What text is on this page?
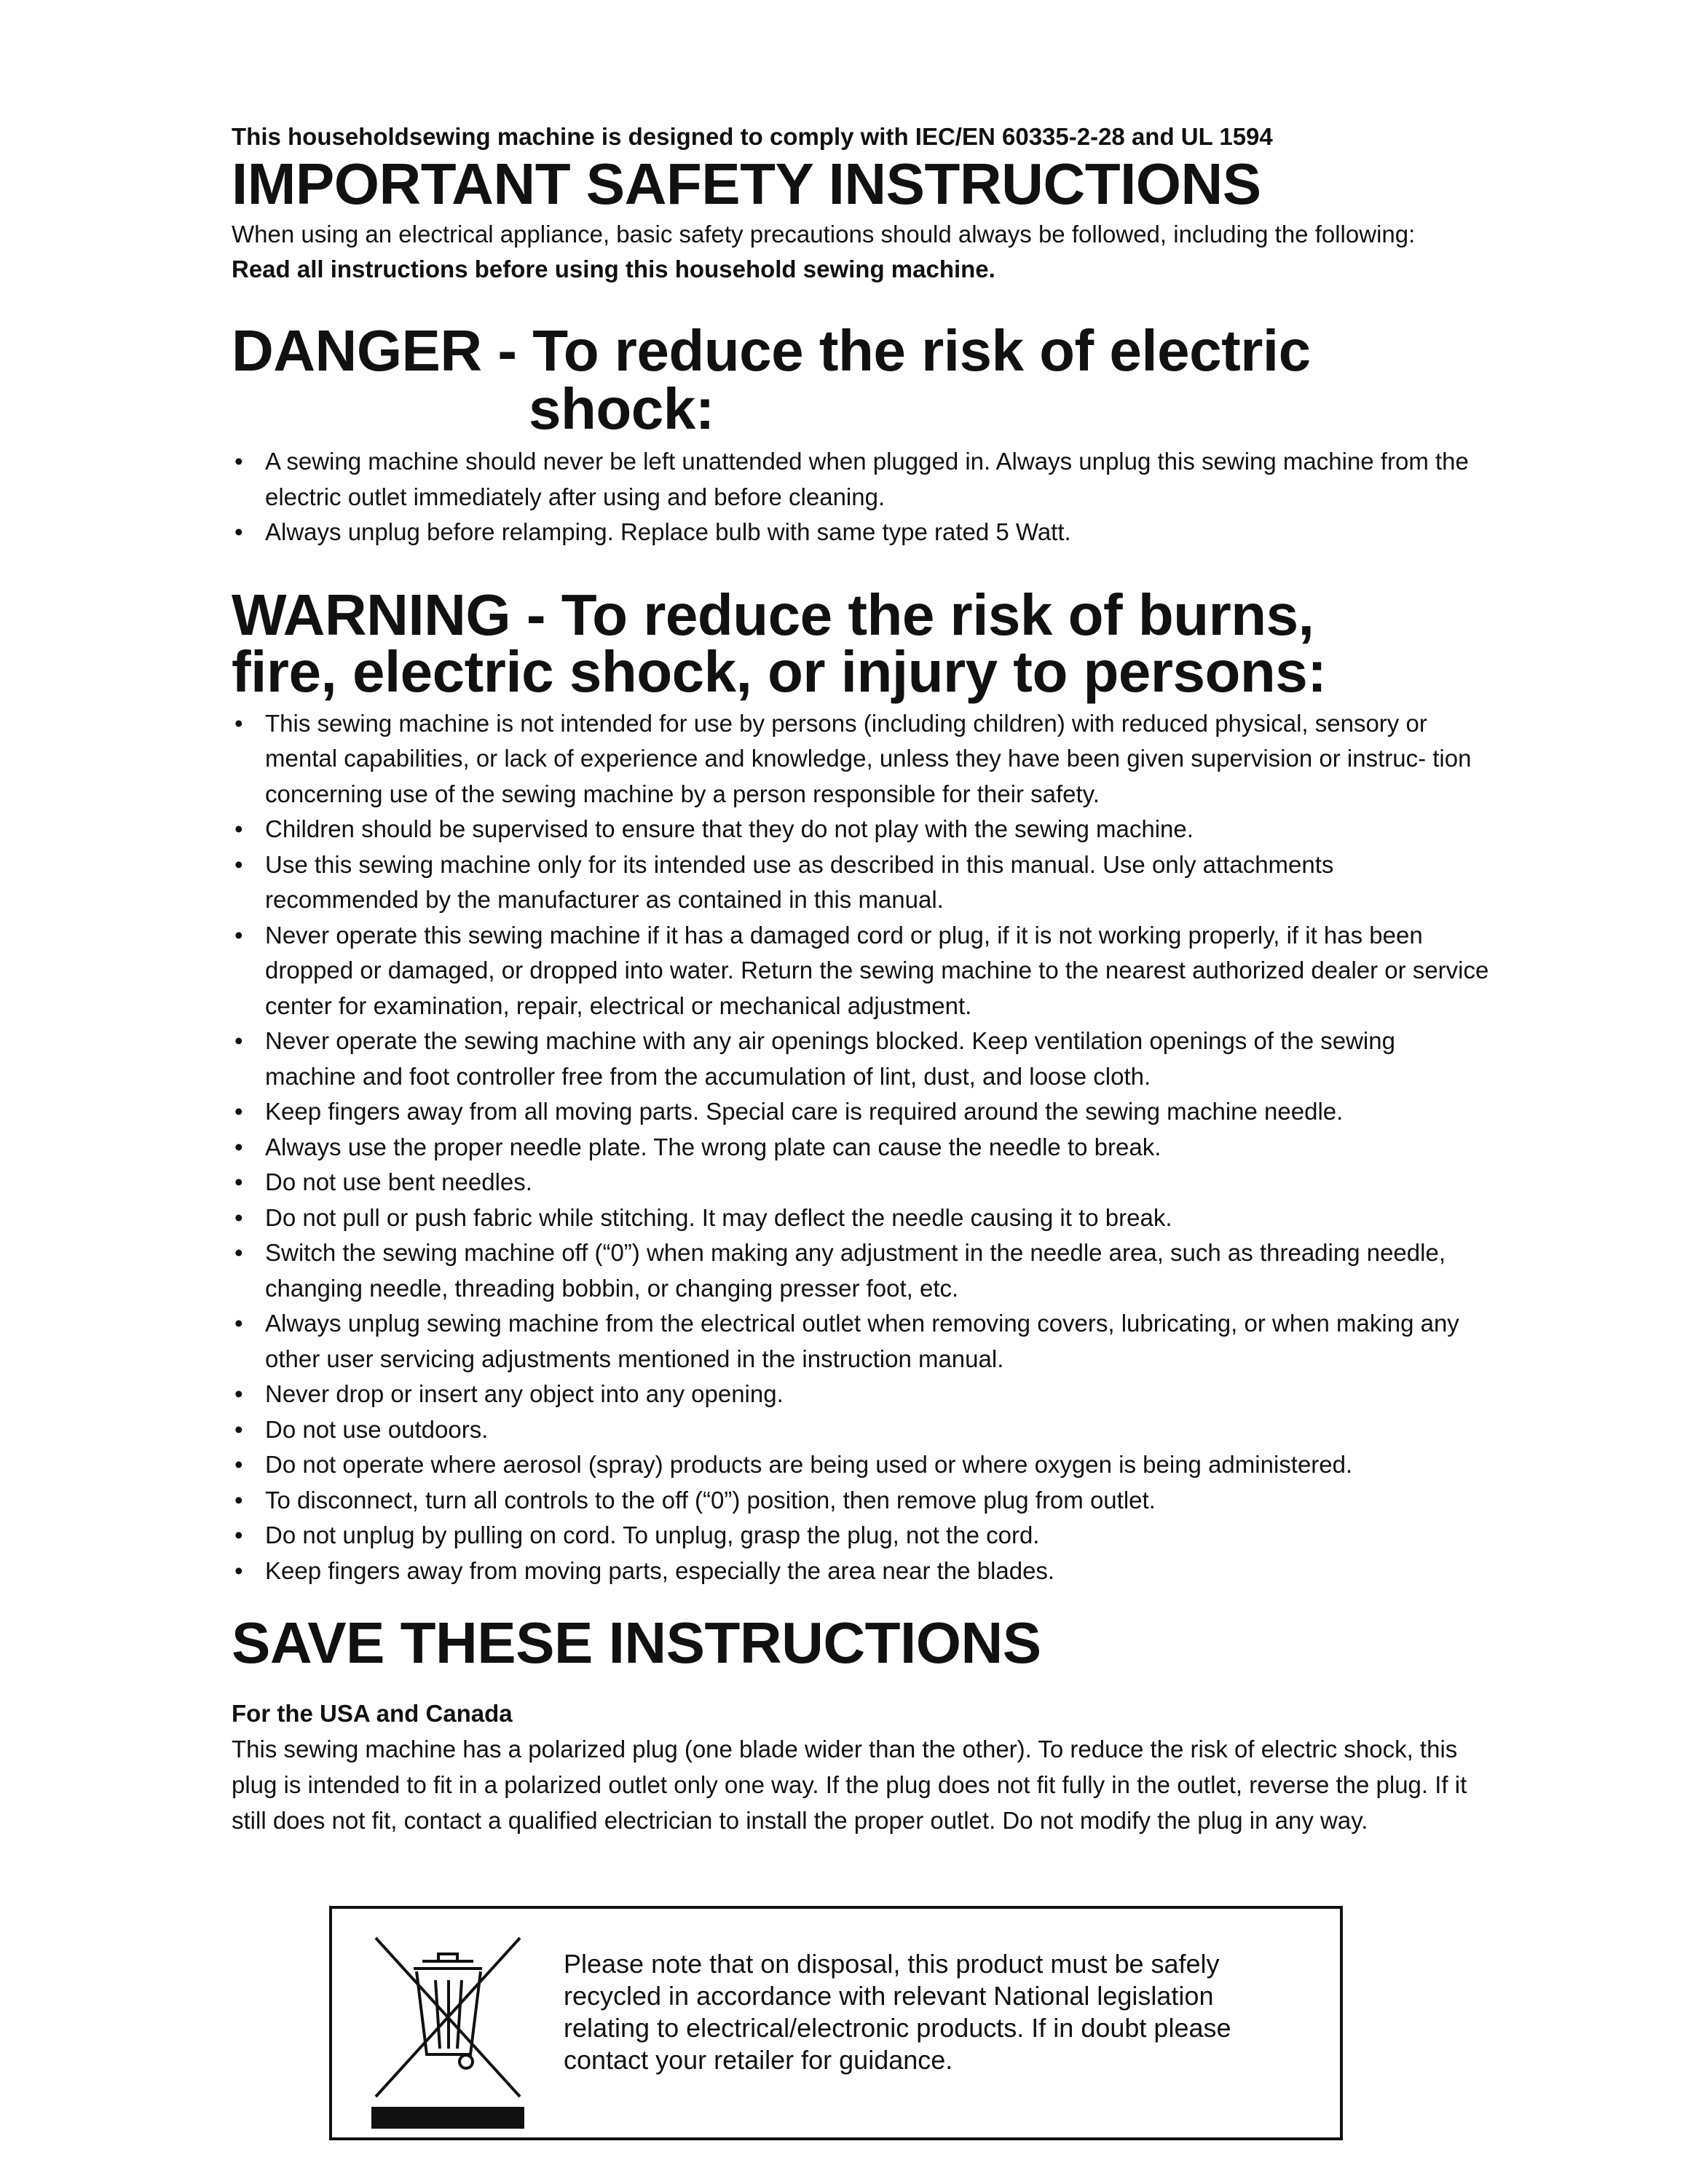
This householdsewing machine is designed to comply with IEC/EN 60335-2-28 and UL 1594
IMPORTANT SAFETY INSTRUCTIONS
When using an electrical appliance, basic safety precautions should always be followed, including the following:
Read all instructions before using this household sewing machine.
DANGER - To reduce the risk of electric
shock:
• A sewing machine should never be left unattended when plugged in. Always unplug this sewing machine from the electric outlet immediately after using and before cleaning.
• Always unplug before relamping. Replace bulb with same type rated 5 Watt.
WARNING - To reduce the risk of burns,
fire, electric shock, or injury to persons:
• This sewing machine is not intended for use by persons (including children) with reduced physical, sensory or mental capabilities, or lack of experience and knowledge, unless they have been given supervision or instruc- tion concerning use of the sewing machine by a person responsible for their safety.
• Children should be supervised to ensure that they do not play with the sewing machine.
• Use this sewing machine only for its intended use as described in this manual. Use only attachments recommended by the manufacturer as contained in this manual.
• Never operate this sewing machine if it has a damaged cord or plug, if it is not working properly, if it has been dropped or damaged, or dropped into water. Return the sewing machine to the nearest authorized dealer or service center for examination, repair, electrical or mechanical adjustment.
• Never operate the sewing machine with any air openings blocked. Keep ventilation openings of the sewing machine and foot controller free from the accumulation of lint, dust, and loose cloth.
• Keep fingers away from all moving parts. Special care is required around the sewing machine needle.
• Always use the proper needle plate. The wrong plate can cause the needle to break.
• Do not use bent needles.
• Do not pull or push fabric while stitching. It may deflect the needle causing it to break.
• Switch the sewing machine off (“0”) when making any adjustment in the needle area, such as threading needle, changing needle, threading bobbin, or changing presser foot, etc.
• Always unplug sewing machine from the electrical outlet when removing covers, lubricating, or when making any other user servicing adjustments mentioned in the instruction manual.
• Never drop or insert any object into any opening.
• Do not use outdoors.
• Do not operate where aerosol (spray) products are being used or where oxygen is being administered.
• To disconnect, turn all controls to the off (“0”) position, then remove plug from outlet.
• Do not unplug by pulling on cord. To unplug, grasp the plug, not the cord.
• Keep fingers away from moving parts, especially the area near the blades.
SAVE THESE INSTRUCTIONS
For the USA and Canada
This sewing machine has a polarized plug (one blade wider than the other). To reduce the risk of electric shock, this plug is intended to fit in a polarized outlet only one way. If the plug does not fit fully in the outlet, reverse the plug. If it still does not fit, contact a qualified electrician to install the proper outlet. Do not modify the plug in any way.
Please note that on disposal, this product must be safely recycled in accordance with relevant National legislation relating to electrical/electronic products. If in doubt please contact your retailer for guidance.
